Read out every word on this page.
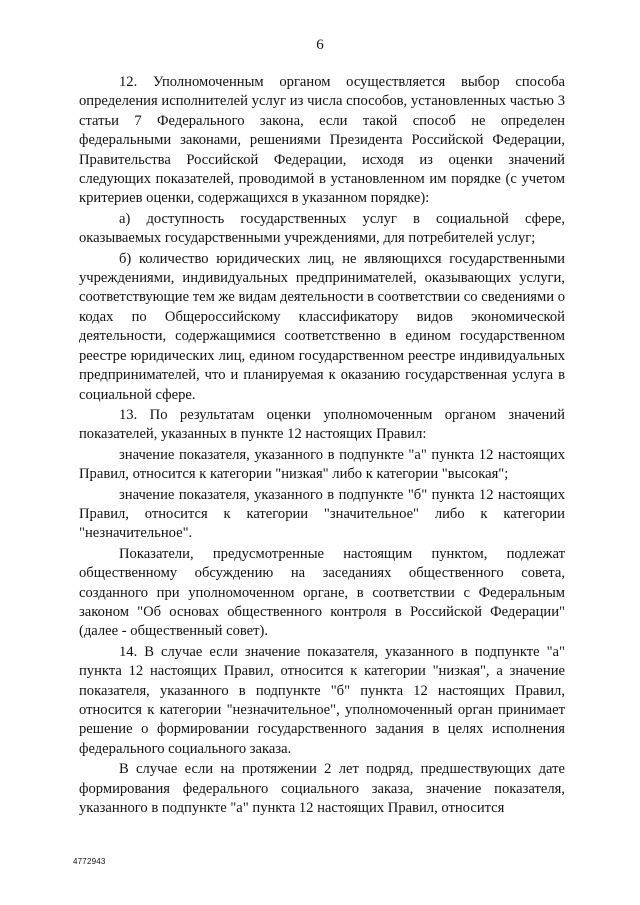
6

12. Уполномоченным органом осуществляется выбор способа определения исполнителей услуг из числа способов, установленных частью 3 статьи 7 Федерального закона, если такой способ не определен федеральными законами, решениями Президента Российской Федерации, Правительства Российской Федерации, исходя из оценки значений следующих показателей, проводимой в установленном им порядке (с учетом критериев оценки, содержащихся в указанном порядке):

а) доступность государственных услуг в социальной сфере, оказываемых государственными учреждениями, для потребителей услуг;

б) количество юридических лиц, не являющихся государственными учреждениями, индивидуальных предпринимателей, оказывающих услуги, соответствующие тем же видам деятельности в соответствии со сведениями о кодах по Общероссийскому классификатору видов экономической деятельности, содержащимися соответственно в едином государственном реестре юридических лиц, едином государственном реестре индивидуальных предпринимателей, что и планируемая к оказанию государственная услуга в социальной сфере.

13. По результатам оценки уполномоченным органом значений показателей, указанных в пункте 12 настоящих Правил:

значение показателя, указанного в подпункте "а" пункта 12 настоящих Правил, относится к категории "низкая" либо к категории "высокая";

значение показателя, указанного в подпункте "б" пункта 12 настоящих Правил, относится к категории "значительное" либо к категории "незначительное".

Показатели, предусмотренные настоящим пунктом, подлежат общественному обсуждению на заседаниях общественного совета, созданного при уполномоченном органе, в соответствии с Федеральным законом "Об основах общественного контроля в Российской Федерации" (далее - общественный совет).

14. В случае если значение показателя, указанного в подпункте "а" пункта 12 настоящих Правил, относится к категории "низкая", а значение показателя, указанного в подпункте "б" пункта 12 настоящих Правил, относится к категории "незначительное", уполномоченный орган принимает решение о формировании государственного задания в целях исполнения федерального социального заказа.

В случае если на протяжении 2 лет подряд, предшествующих дате формирования федерального социального заказа, значение показателя, указанного в подпункте "а" пункта 12 настоящих Правил, относится

4772943
